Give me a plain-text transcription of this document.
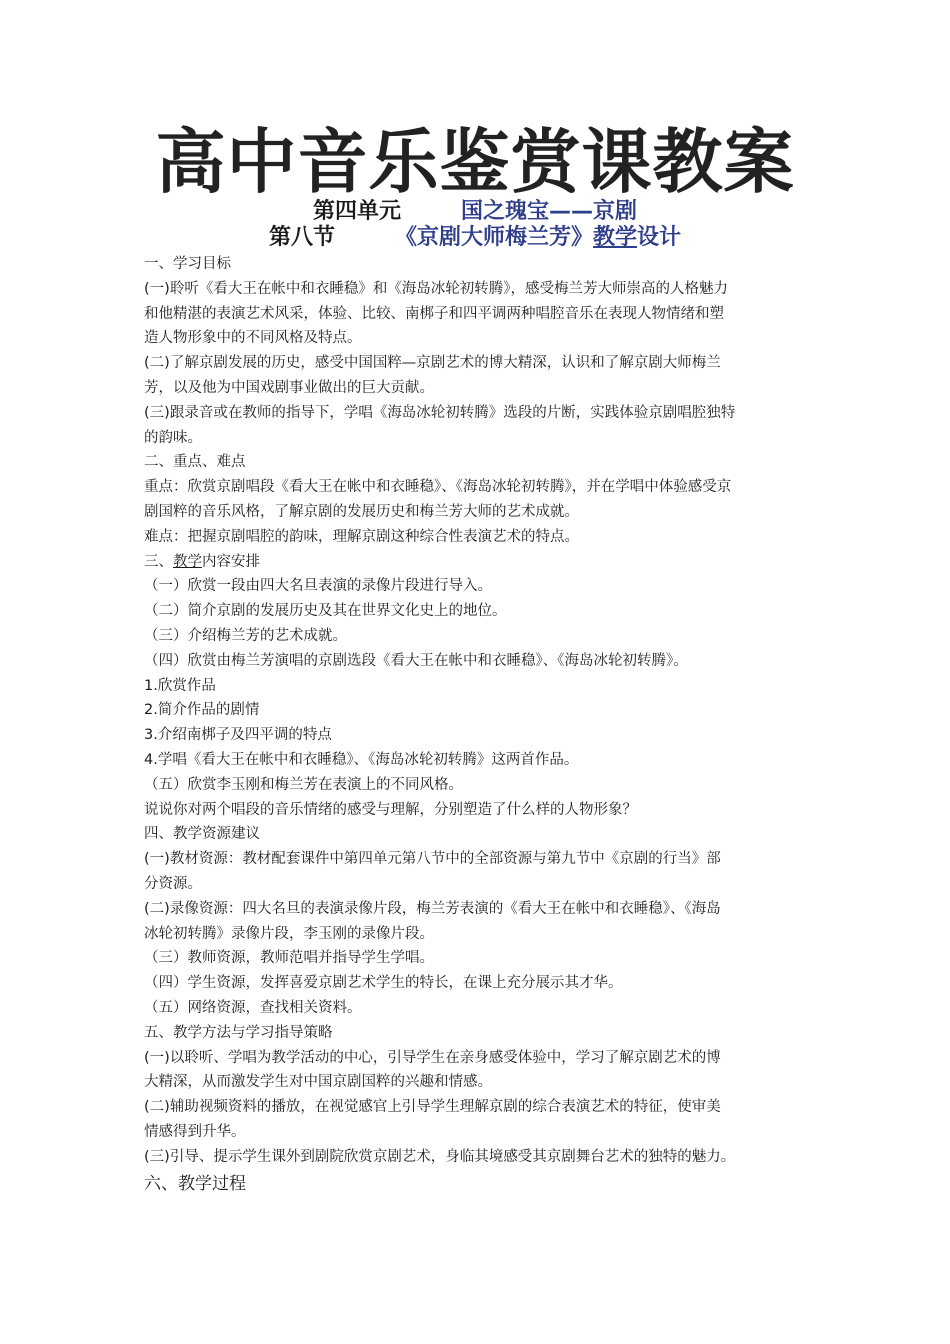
高中音乐鉴赏课教案
第四单元	国之瑰宝——京剧
第八节	《京剧大师梅兰芳》教学设计

一、学习目标

(一)聆听《看大王在帐中和衣睡稳》和《海岛冰轮初转腾》，感受梅兰芳大师崇高的人格魅力

和他精湛的表演艺术风采，体验、比较、南梆子和四平调两种唱腔音乐在表现人物情绪和塑

造人物形象中的不同风格及特点。

(二)了解京剧发展的历史，感受中国国粹—京剧艺术的博大精深，认识和了解京剧大师梅兰

芳，以及他为中国戏剧事业做出的巨大贡献。

(三)跟录音或在教师的指导下，学唱《海岛冰轮初转腾》选段的片断，实践体验京剧唱腔独特

的韵味。

二、重点、难点

重点：欣赏京剧唱段《看大王在帐中和衣睡稳》、《海岛冰轮初转腾》，并在学唱中体验感受京

剧国粹的音乐风格，了解京剧的发展历史和梅兰芳大师的艺术成就。

难点：把握京剧唱腔的韵味，理解京剧这种综合性表演艺术的特点。

三、教学内容安排

（一）欣赏一段由四大名旦表演的录像片段进行导入。

（二）简介京剧的发展历史及其在世界文化史上的地位。

（三）介绍梅兰芳的艺术成就。

（四）欣赏由梅兰芳演唱的京剧选段《看大王在帐中和衣睡稳》、《海岛冰轮初转腾》。

1.欣赏作品

2.简介作品的剧情

3.介绍南梆子及四平调的特点

4.学唱《看大王在帐中和衣睡稳》、《海岛冰轮初转腾》这两首作品。

（五）欣赏李玉刚和梅兰芳在表演上的不同风格。

说说你对两个唱段的音乐情绪的感受与理解，分别塑造了什么样的人物形象？

四、教学资源建议

(一)教材资源：教材配套课件中第四单元第八节中的全部资源与第九节中《京剧的行当》部

分资源。

(二)录像资源：四大名旦的表演录像片段，梅兰芳表演的《看大王在帐中和衣睡稳》、《海岛

冰轮初转腾》录像片段，李玉刚的录像片段。

（三）教师资源，教师范唱并指导学生学唱。

（四）学生资源，发挥喜爱京剧艺术学生的特长，在课上充分展示其才华。

（五）网络资源，查找相关资料。

五、教学方法与学习指导策略

(一)以聆听、学唱为教学活动的中心，引导学生在亲身感受体验中，学习了解京剧艺术的博

大精深，从而激发学生对中国京剧国粹的兴趣和情感。

(二)辅助视频资料的播放，在视觉感官上引导学生理解京剧的综合表演艺术的特征，使审美

情感得到升华。

(三)引导、提示学生课外到剧院欣赏京剧艺术，身临其境感受其京剧舞台艺术的独特的魅力。

六、教学过程
